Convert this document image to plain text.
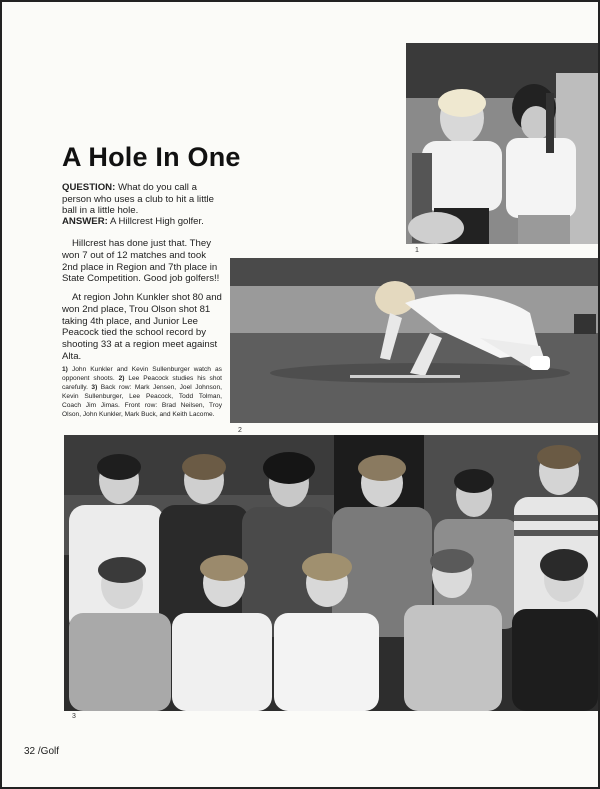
1
2
3
A Hole In One
QUESTION: What do you call a person who uses a club to hit a little ball in a little hole.
ANSWER: A Hillcrest High golfer.
Hillcrest has done just that. They won 7 out of 12 matches and took 2nd place in Region and 7th place in State Competition. Good job golfers!!
At region John Kunkler shot 80 and won 2nd place, Trou Olson shot 81 taking 4th place, and Junior Lee Peacock tied the school record by shooting 33 at a region meet against Alta.
1) John Kunkler and Kevin Sullenburger watch as opponent shoots. 2) Lee Peacock studies his shot carefully. 3) Back row: Mark Jensen, Joel Johnson, Kevin Sullenburger, Lee Peacock, Todd Tolman, Coach Jim Jimas. Front row: Brad Neilsen, Troy Olson, John Kunkler, Mark Buck, and Keith Lacome.
32 /Golf
